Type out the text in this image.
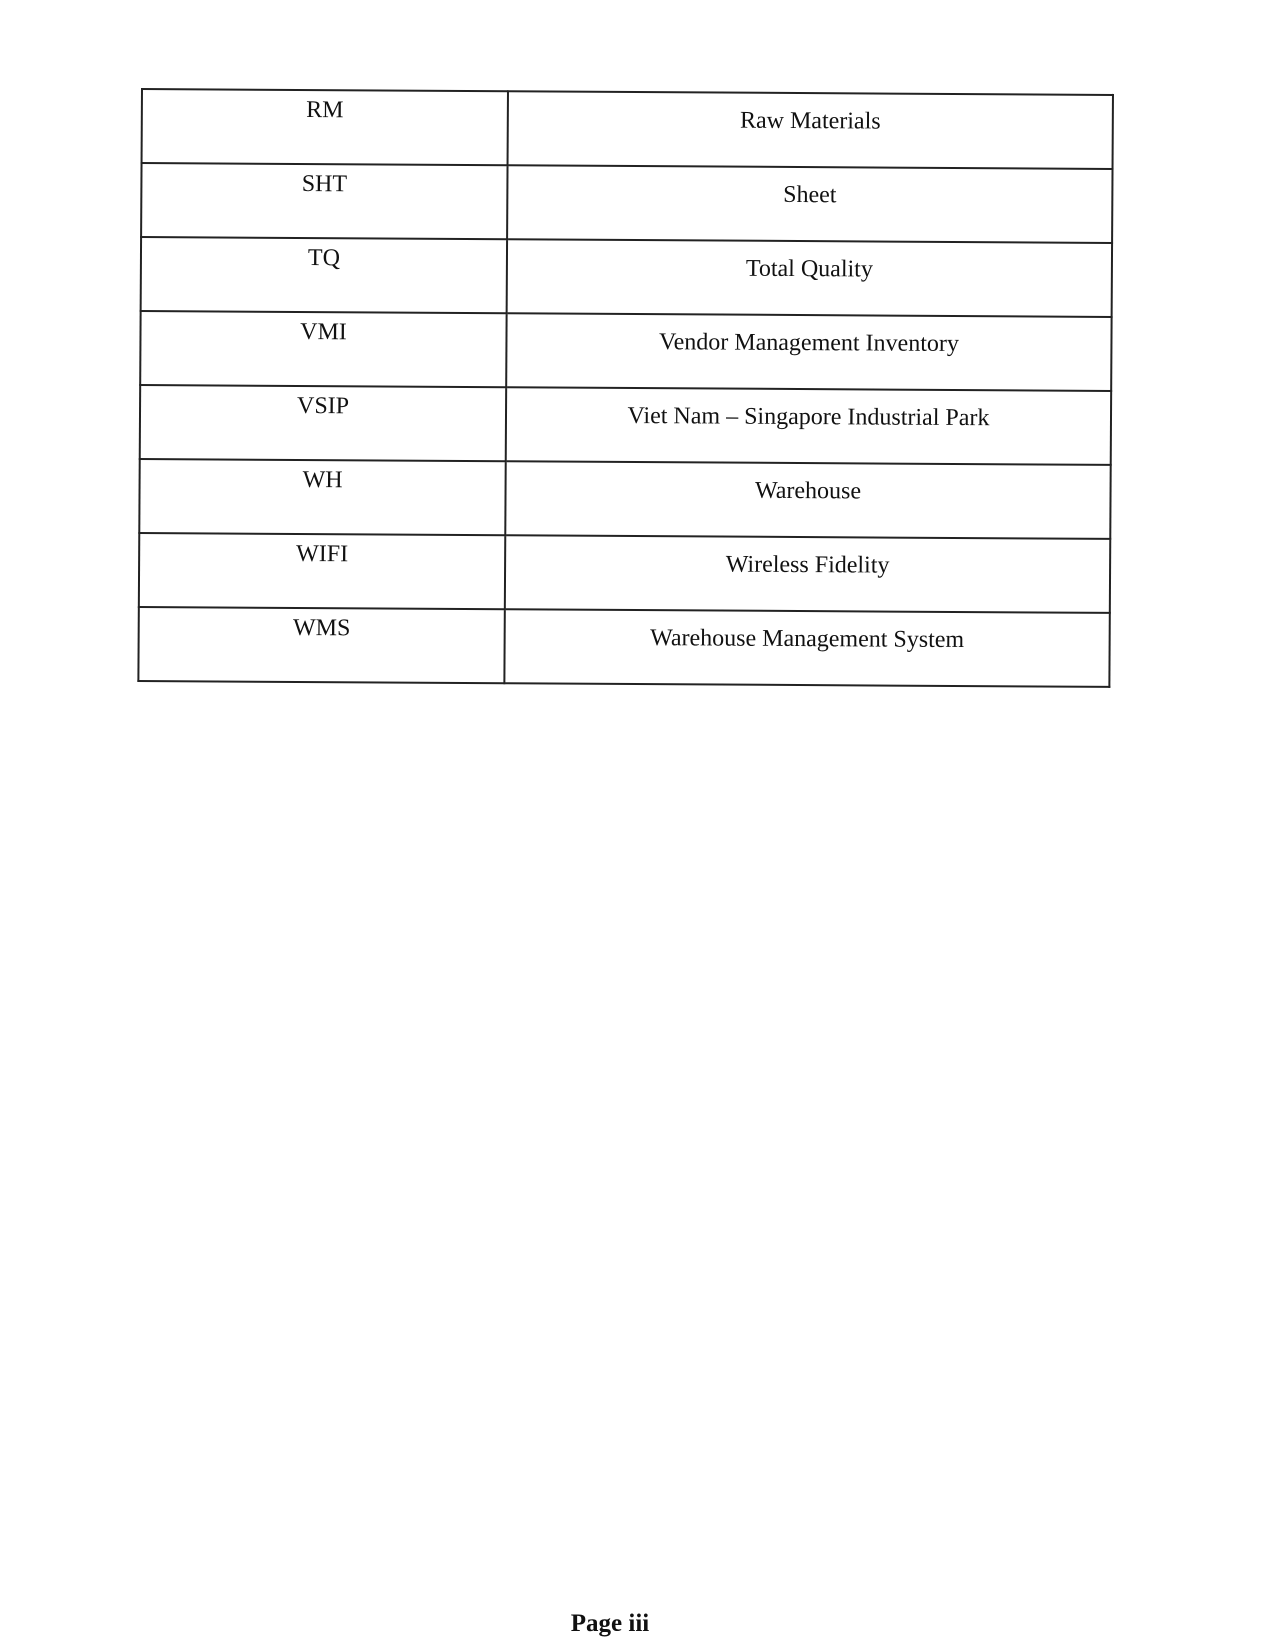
RM	Raw Materials
SHT	Sheet
TQ	Total Quality
VMI	Vendor Management Inventory
VSIP	Viet Nam – Singapore Industrial Park
WH	Warehouse
WIFI	Wireless Fidelity
WMS	Warehouse Management System
Page iii
